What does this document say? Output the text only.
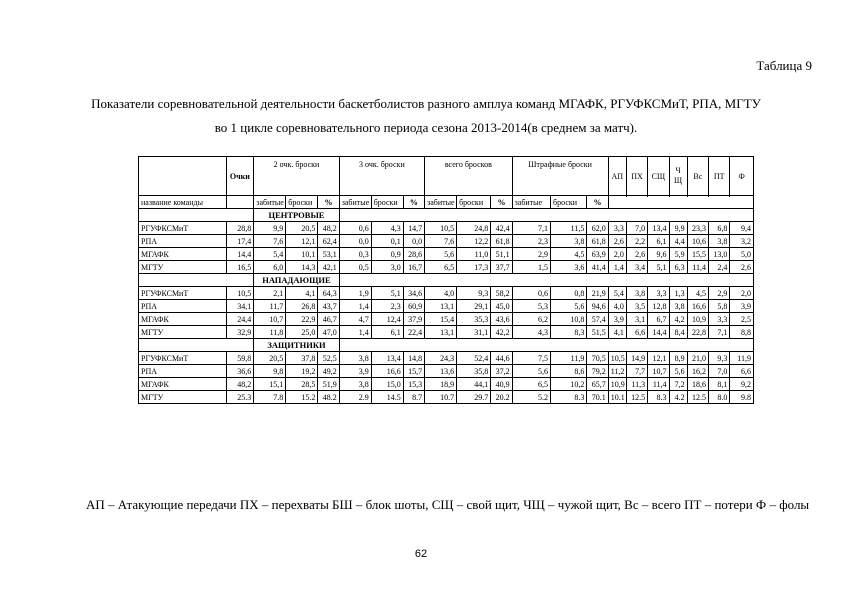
Таблица 9
Показатели соревновательной деятельности баскетболистов разного амплуа команд МГАФК, РГУФКСМиТ, РПА, МГТУ
во 1 цикле соревновательного периода сезона 2013-2014(в среднем за матч).
	Очки	2 очк. броски			3 очк. броски			всего бросков			Штрафные броски			АП	ПХ	СЩ	Ч Щ	Вс	ПТ	Ф

название команды		забитые	броски	%	забитые	броски	%	забитые	броски	%	забитые	броски	%							
		ЦЕНТРОВЫЕ																		
РГУФКСМиТ	28,8	9,9	20,5	48,2	0,6	4,3	14,7	10,5	24,8	42,4	7,1	11,5	62,0	3,3	7,0	13,4	9,9	23,3	6,8	9,4
РПА	17,4	7,6	12,1	62,4	0,0	0,1	0,0	7,6	12,2	61,8	2,3	3,8	61,8	2,6	2,2	6,1	4,4	10,6	3,8	3,2
МГАФК	14,4	5,4	10,1	53,1	0,3	0,9	28,6	5,6	11,0	51,1	2,9	4,5	63,9	2,0	2,6	9,6	5,9	15,5	13,0	5,0
МГТУ	16,5	6,0	14,3	42,1	0,5	3,0	16,7	6,5	17,3	37,7	1,5	3,6	41,4	1,4	3,4	5,1	6,3	11,4	2,4	2,6
		НАПАДАЮЩИЕ																		
РГУФКСМиТ	10,5	2,1	4,1	64,3	1,9	5,1	34,6	4,0	9,3	58,2	0,6	0,8	21,9	5,4	3,8	3,3	1,3	4,5	2,9	2,0
РПА	34,1	11,7	26,8	43,7	1,4	2,3	60,9	13,1	29,1	45,0	5,3	5,6	94,6	4,0	3,5	12,8	3,8	16,6	5,8	3,9
МГАФК	24,4	10,7	22,9	46,7	4,7	12,4	37,9	15,4	35,3	43,6	6,2	10,8	57,4	3,9	3,1	6,7	4,2	10,9	3,3	2,5
МГТУ	32,9	11,8	25,0	47,0	1,4	6,1	22,4	13,1	31,1	42,2	4,3	8,3	51,5	4,1	6,6	14,4	8,4	22,8	7,1	8,8
		ЗАЩИТНИКИ																		
РГУФКСМиТ	59,8	20,5	37,8	52,5	3,8	13,4	14,8	24,3	52,4	44,6	7,5	11,9	70,5	10,5	14,9	12,1	8,9	21,0	9,3	11,9
РПА	36,6	9,8	19,2	49,2	3,9	16,6	15,7	13,6	35,8	37,2	5,6	8,6	79,2	11,2	7,7	10,7	5,6	16,2	7,0	6,6
МГАФК	48,2	15,1	28,5	51,9	3,8	15,0	15,3	18,9	44,1	40,9	6,5	10,2	65,7	10,9	11,3	11,4	7,2	18,6	8,1	9,2
МГТУ	25.3	7.8	15.2	48.2	2.9	14.5	8.7	10.7	29.7	20.2	5.2	8.3	70.1	10.1	12.5	8.3	4.2	12.5	8.0	9.8
АП – Атакующие передачи ПХ – перехваты БШ – блок шоты, СЩ – свой щит, ЧЩ – чужой щит, Вс – всего ПТ – потери Ф – фолы
62
